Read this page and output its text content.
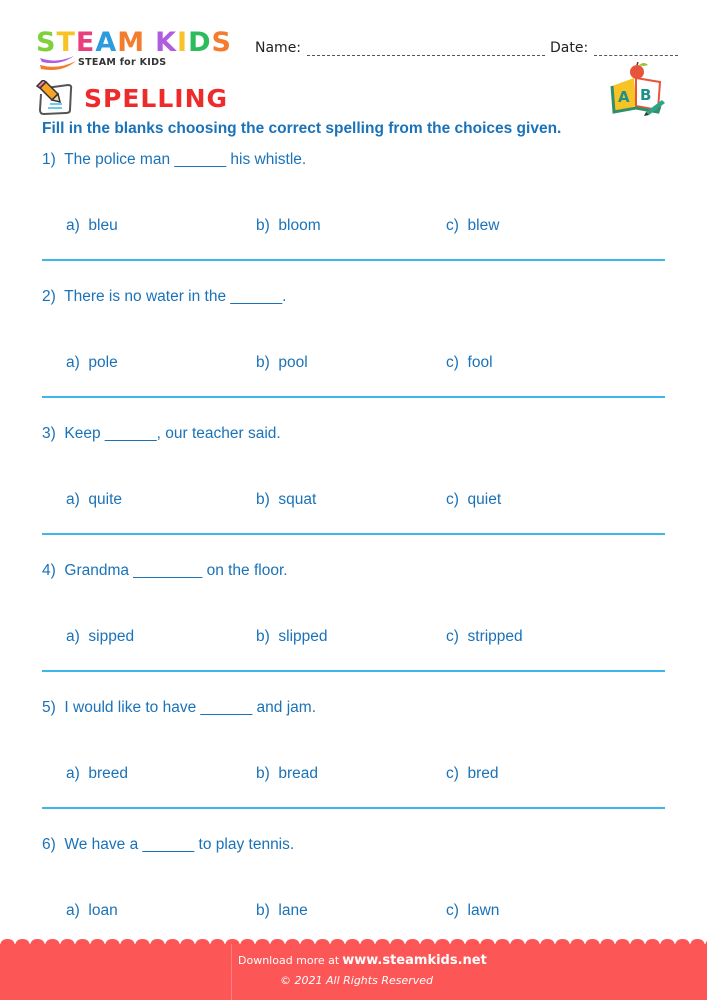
STEAM KIDS
STEAM for KIDS
Name:	Date:
A B
SPELLING
Fill in the blanks choosing the correct spelling from the choices given.
1)  The police man ______ his whistle.
a)  bleu	b)  bloom	c)  blew
2)  There is no water in the ______.
a)  pole	b)  pool	c)  fool
3)  Keep ______, our teacher said.
a)  quite	b)  squat	c)  quiet
4)  Grandma ________ on the floor.
a)  sipped	b)  slipped	c)  stripped
5)  I would like to have ______ and jam.
a)  breed	b)  bread	c)  bred
6)  We have a ______ to play tennis.
a)  loan	b)  lane	c)  lawn
Download more at www.steamkids.net
© 2021 All Rights Reserved
